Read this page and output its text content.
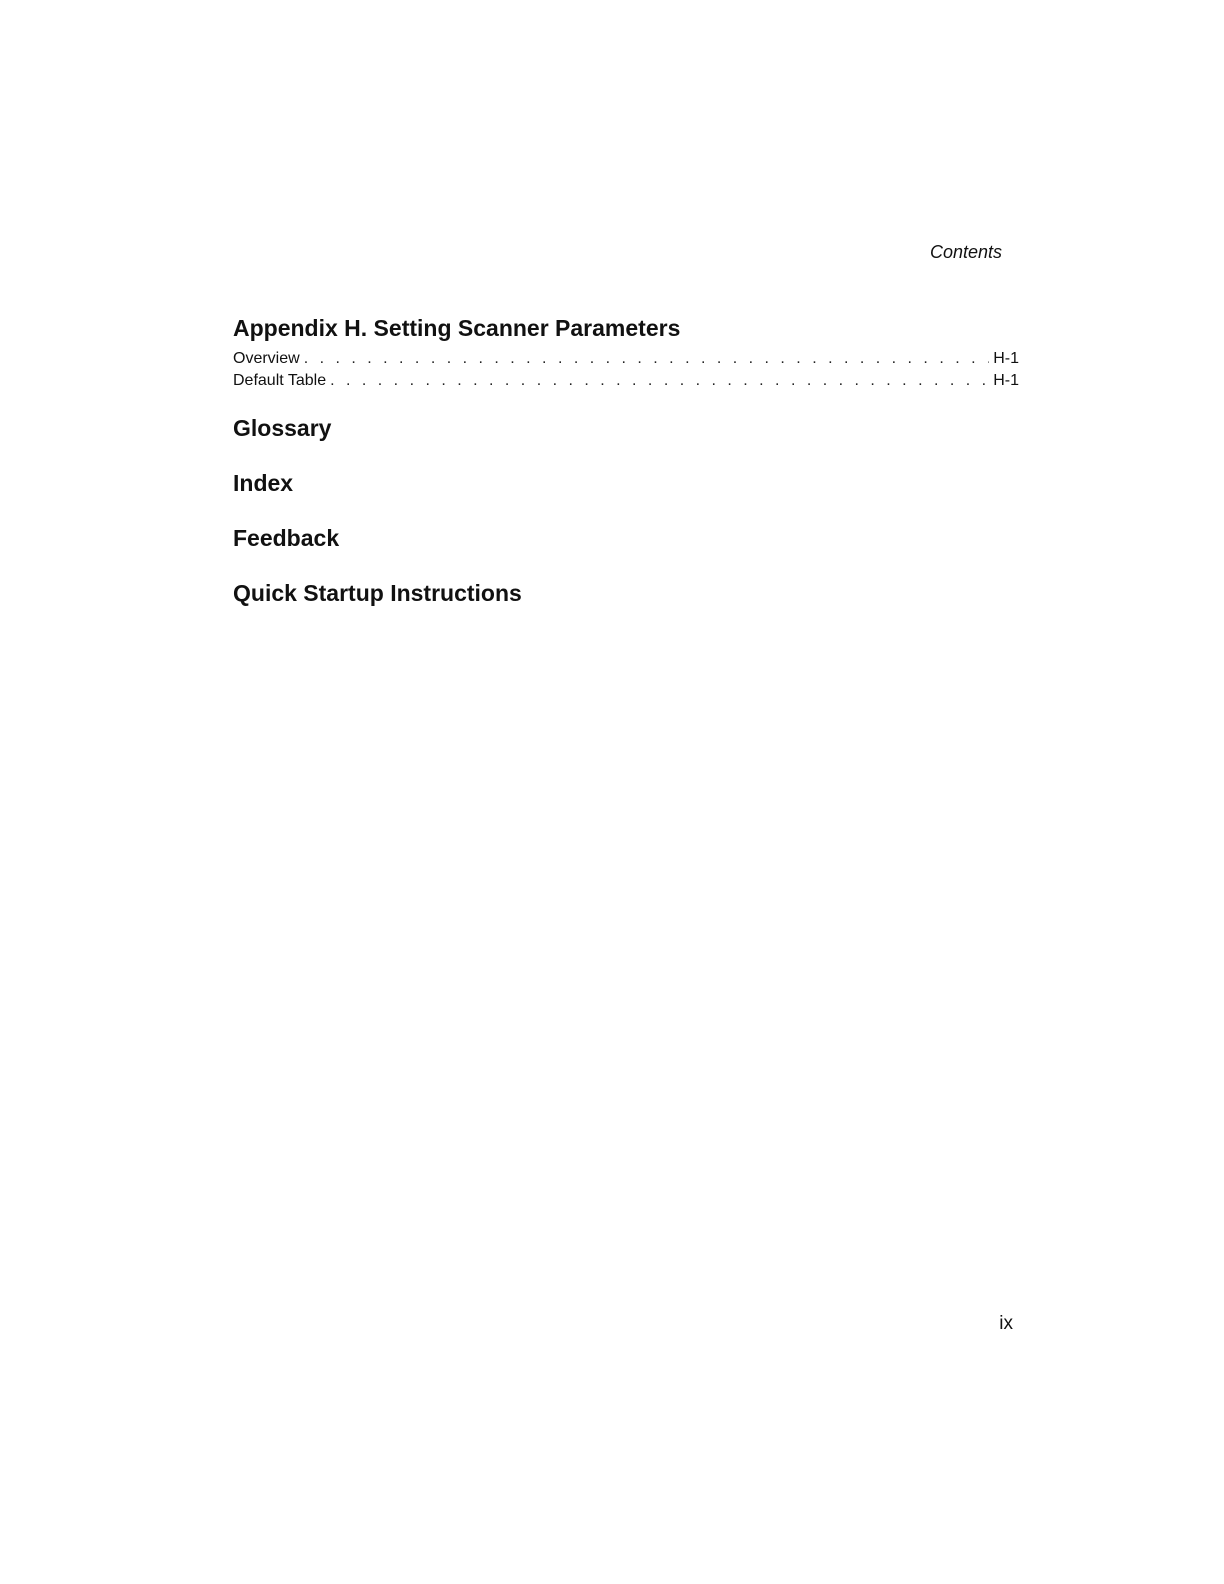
Contents
Appendix H. Setting Scanner Parameters
Overview . . .	H-1
Default Table . . .	H-1
Glossary
Index
Feedback
Quick Startup Instructions
ix
